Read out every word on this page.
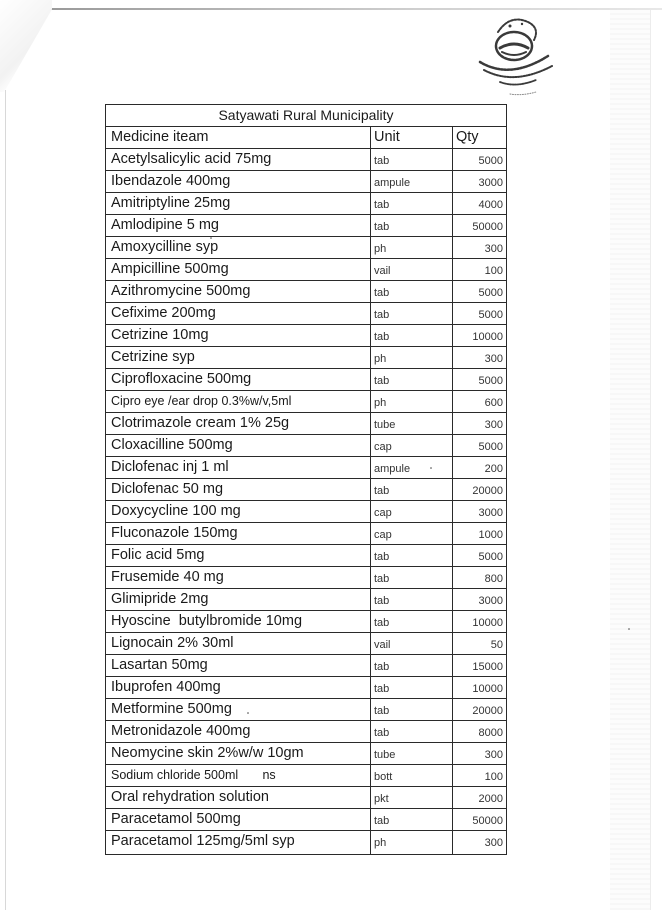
Satyawati Rural Municipality
Medicine iteam	Unit	Qty
Acetylsalicylic acid 75mg	tab	5000
Ibendazole 400mg	ampule	3000
Amitriptyline 25mg	tab	4000
Amlodipine 5 mg	tab	50000
Amoxycilline syp	ph	300
Ampicilline 500mg	vail	100
Azithromycine 500mg	tab	5000
Cefixime 200mg	tab	5000
Cetrizine 10mg	tab	10000
Cetrizine syp	ph	300
Ciprofloxacine 500mg	tab	5000
Cipro eye /ear drop 0.3%w/v,5ml	ph	600
Clotrimazole cream 1% 25g	tube	300
Cloxacilline 500mg	cap	5000
Diclofenac inj 1 ml	ampule	200
Diclofenac 50 mg	tab	20000
Doxycycline 100 mg	cap	3000
Fluconazole 150mg	cap	1000
Folic acid 5mg	tab	5000
Frusemide 40 mg	tab	800
Glimipride 2mg	tab	3000
Hyoscine  butylbromide 10mg	tab	10000
Lignocain 2% 30ml	vail	50
Lasartan 50mg	tab	15000
Ibuprofen 400mg	tab	10000
Metformine 500mg	tab	20000
Metronidazole 400mg	tab	8000
Neomycine skin 2%w/w 10gm	tube	300
Sodium chloride 500ml       ns	bott	100
Oral rehydration solution	pkt	2000
Paracetamol 500mg	tab	50000
Paracetamol 125mg/5ml syp	ph	300
